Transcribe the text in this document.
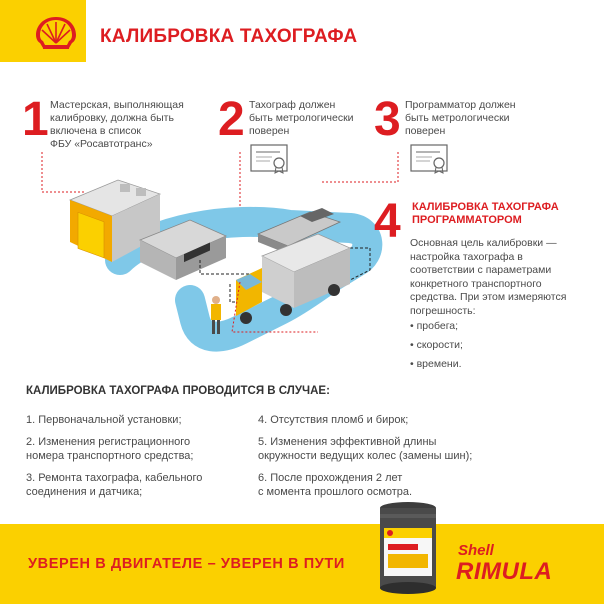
КАЛИБРОВКА ТАХОГРАФА
1 Мастерская, выполняющая
калибровку, должна быть
включена в список
ФБУ «Росавтотранс»	2 Тахограф должен
быть метрологически
поверен	3 Программатор должен
быть метрологически
поверен
4 КАЛИБРОВКА ТАХОГРАФА
ПРОГРАММАТОРОМ
Основная цель калибровки —
настройка тахографа в
соответствии с параметрами
конкретного транспортного
средства. При этом измеряются
погрешность:
• пробега;
• скорости;
• времени.
КАЛИБРОВКА ТАХОГРАФА ПРОВОДИТСЯ В СЛУЧАЕ:
1. Первоначальной установки;
2. Изменения регистрационного
номера транспортного средства;
3. Ремонта тахографа, кабельного
соединения и датчика;
4. Отсутствия пломб и бирок;
5. Изменения эффективной длины
окружности ведущих колес (замены шин);
6. После прохождения 2 лет
с момента прошлого осмотра.
УВЕРЕН В ДВИГАТЕЛЕ – УВЕРЕН В ПУТИ
Shell
RIMULA
